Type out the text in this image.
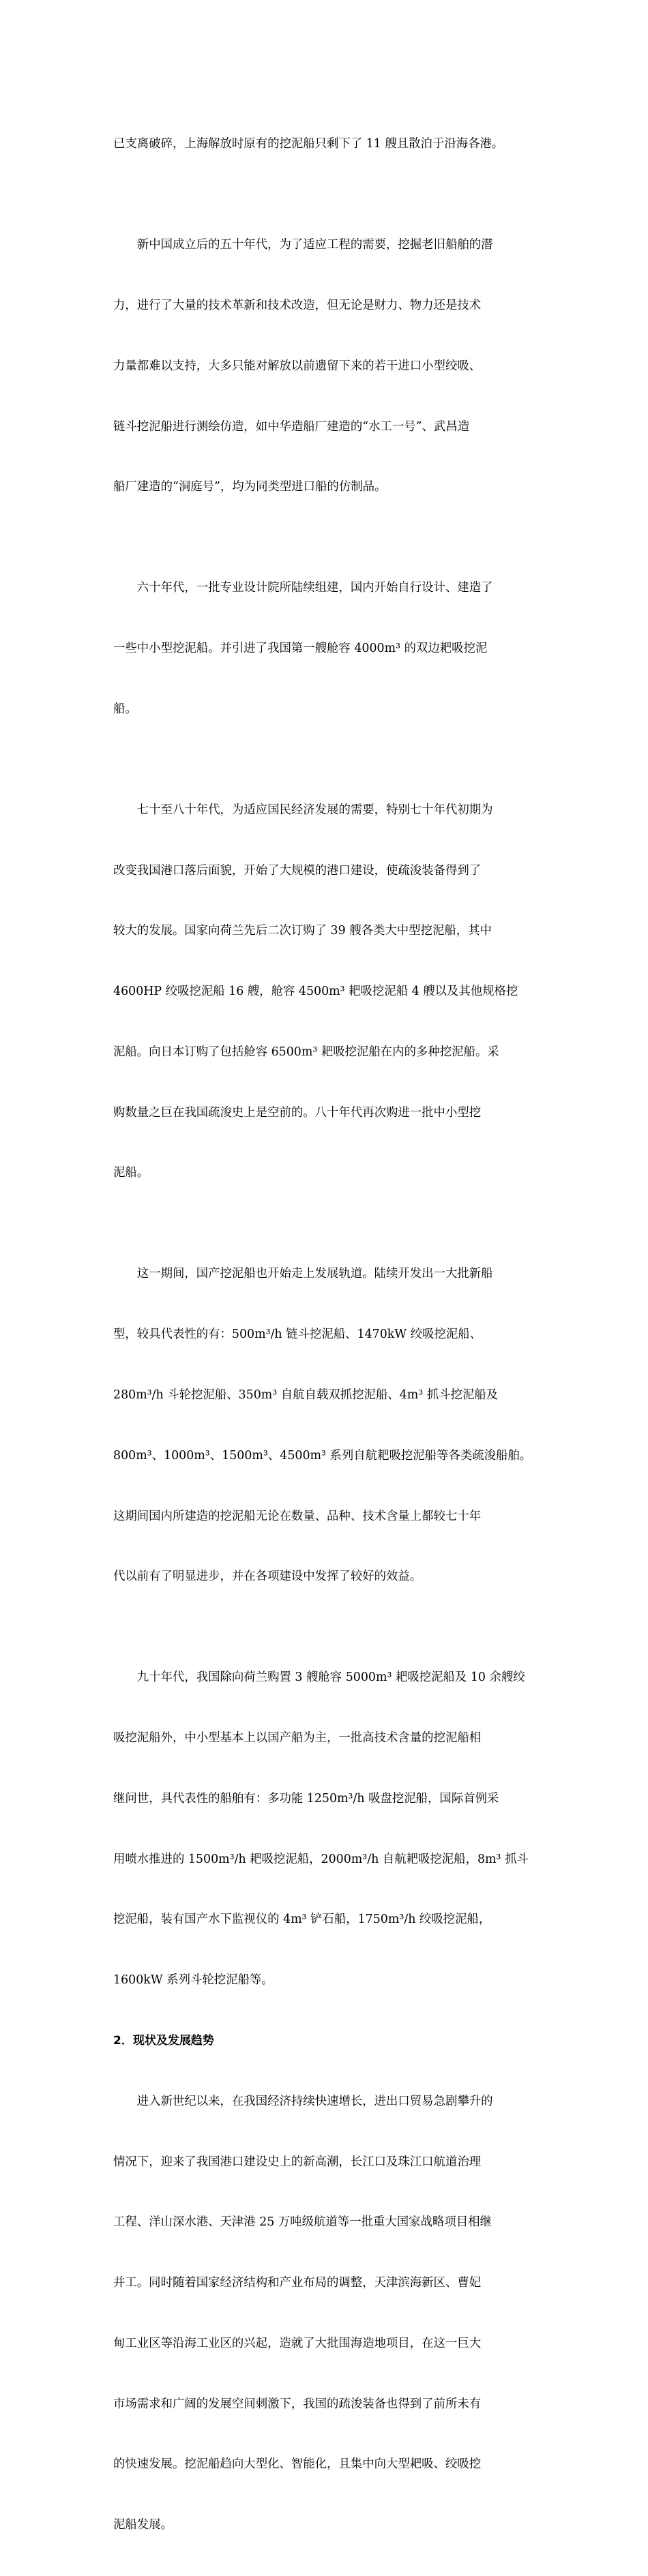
已支离破碎，上海解放时原有的挖泥船只剩下了 11 艘且散泊于沿海各港。

新中国成立后的五十年代，为了适应工程的需要，挖掘老旧船舶的潜

力，进行了大量的技术革新和技术改造，但无论是财力、物力还是技术

力量都难以支持，大多只能对解放以前遗留下来的若干进口小型绞吸、

链斗挖泥船进行测绘仿造，如中华造船厂建造的“水工一号”、武昌造

船厂建造的“洞庭号”，均为同类型进口船的仿制品。

六十年代，一批专业设计院所陆续组建，国内开始自行设计、建造了

一些中小型挖泥船。并引进了我国第一艘舱容 4000m³ 的双边耙吸挖泥

船。

七十至八十年代，为适应国民经济发展的需要，特别七十年代初期为

改变我国港口落后面貌，开始了大规模的港口建设，使疏浚装备得到了

较大的发展。国家向荷兰先后二次订购了 39 艘各类大中型挖泥船，其中

4600HP 绞吸挖泥船 16 艘，舱容 4500m³ 耙吸挖泥船 4 艘以及其他规格挖

泥船。向日本订购了包括舱容 6500m³ 耙吸挖泥船在内的多种挖泥船。采

购数量之巨在我国疏浚史上是空前的。八十年代再次购进一批中小型挖

泥船。

这一期间，国产挖泥船也开始走上发展轨道。陆续开发出一大批新船

型，较具代表性的有：500m³/h 链斗挖泥船、1470kW 绞吸挖泥船、

280m³/h 斗轮挖泥船、350m³ 自航自载双抓挖泥船、4m³ 抓斗挖泥船及

800m³、1000m³、1500m³、4500m³ 系列自航耙吸挖泥船等各类疏浚船舶。

这期间国内所建造的挖泥船无论在数量、品种、技术含量上都较七十年

代以前有了明显进步，并在各项建设中发挥了较好的效益。

九十年代，我国除向荷兰购置 3 艘舱容 5000m³ 耙吸挖泥船及 10 余艘绞

吸挖泥船外，中小型基本上以国产船为主，一批高技术含量的挖泥船相

继问世，具代表性的船舶有：多功能 1250m³/h 吸盘挖泥船，国际首例采

用喷水推进的 1500m³/h 耙吸挖泥船，2000m³/h 自航耙吸挖泥船，8m³ 抓斗

挖泥船，装有国产水下监视仪的 4m³ 铲石船，1750m³/h 绞吸挖泥船，

1600kW 系列斗轮挖泥船等。

2．现状及发展趋势

进入新世纪以来，在我国经济持续快速增长，进出口贸易急剧攀升的

情况下，迎来了我国港口建设史上的新高潮，长江口及珠江口航道治理

工程、洋山深水港、天津港 25 万吨级航道等一批重大国家战略项目相继

并工。同时随着国家经济结构和产业布局的调整，天津滨海新区、曹妃

甸工业区等沿海工业区的兴起，造就了大批围海造地项目，在这一巨大

市场需求和广阔的发展空间刺激下，我国的疏浚装备也得到了前所未有

的快速发展。挖泥船趋向大型化、智能化，且集中向大型耙吸、绞吸挖

泥船发展。
